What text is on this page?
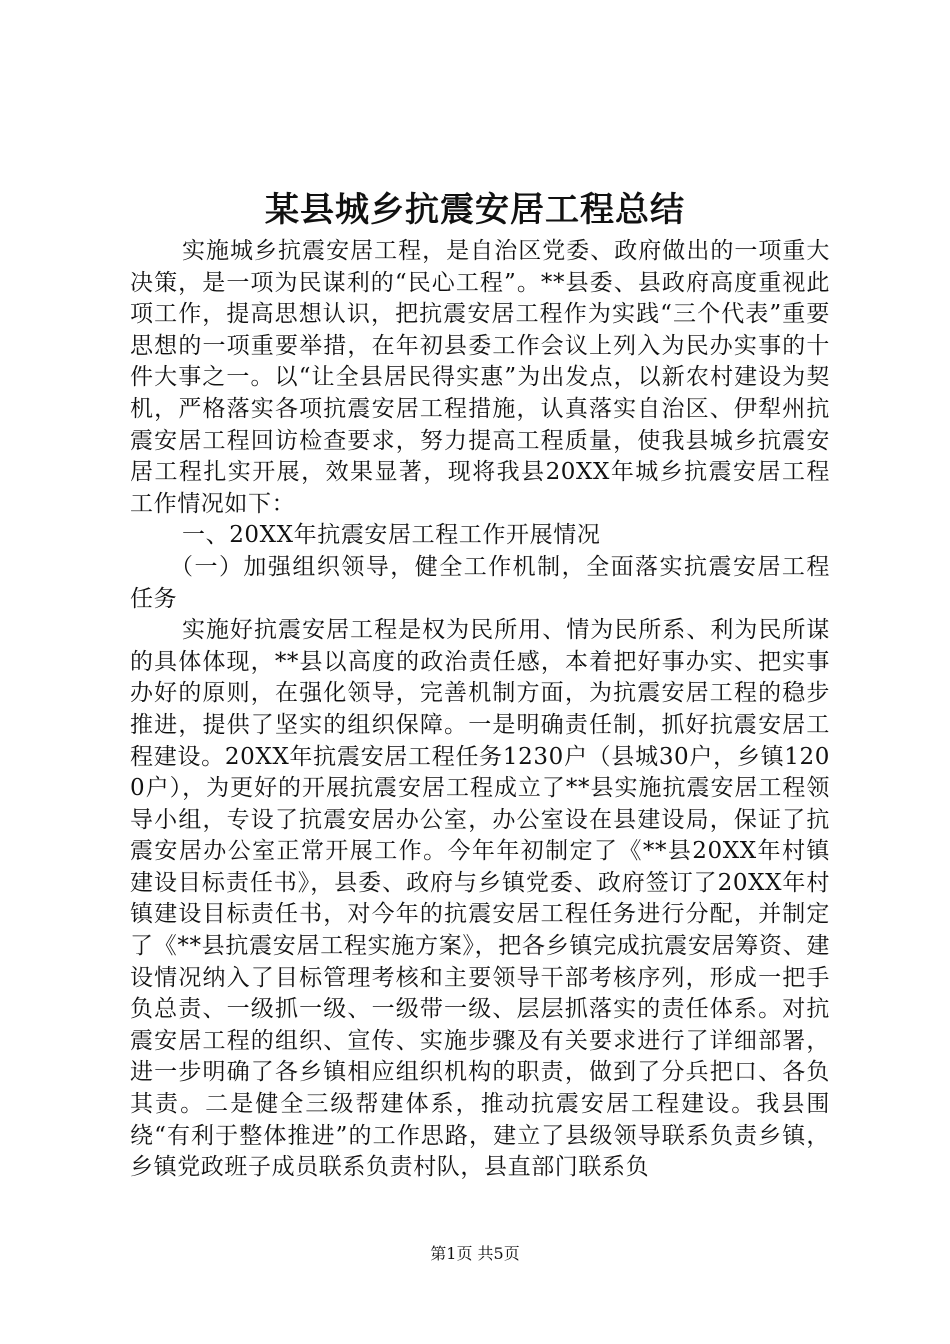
某县城乡抗震安居工程总结

实施城乡抗震安居工程，是自治区党委、政府做出的一项重大决策，是一项为民谋利的“民心工程”。**县委、县政府高度重视此项工作，提高思想认识，把抗震安居工程作为实践“三个代表”重要思想的一项重要举措，在年初县委工作会议上列入为民办实事的十件大事之一。以“让全县居民得实惠”为出发点，以新农村建设为契机，严格落实各项抗震安居工程措施，认真落实自治区、伊犁州抗震安居工程回访检查要求，努力提高工程质量，使我县城乡抗震安居工程扎实开展，效果显著，现将我县20XX年城乡抗震安居工程工作情况如下：

一、20XX年抗震安居工程工作开展情况

（一）加强组织领导，健全工作机制，全面落实抗震安居工程任务

实施好抗震安居工程是权为民所用、情为民所系、利为民所谋的具体体现，**县以高度的政治责任感，本着把好事办实、把实事办好的原则，在强化领导，完善机制方面，为抗震安居工程的稳步推进，提供了坚实的组织保障。一是明确责任制，抓好抗震安居工程建设。20XX年抗震安居工程任务1230户（县城30户，乡镇1200户），为更好的开展抗震安居工程成立了**县实施抗震安居工程领导小组，专设了抗震安居办公室，办公室设在县建设局，保证了抗震安居办公室正常开展工作。今年年初制定了《**县20XX年村镇建设目标责任书》，县委、政府与乡镇党委、政府签订了20XX年村镇建设目标责任书，对今年的抗震安居工程任务进行分配，并制定了《**县抗震安居工程实施方案》，把各乡镇完成抗震安居筹资、建设情况纳入了目标管理考核和主要领导干部考核序列，形成一把手负总责、一级抓一级、一级带一级、层层抓落实的责任体系。对抗震安居工程的组织、宣传、实施步骤及有关要求进行了详细部署，进一步明确了各乡镇相应组织机构的职责，做到了分兵把口、各负其责。二是健全三级帮建体系，推动抗震安居工程建设。我县围绕“有利于整体推进”的工作思路，建立了县级领导联系负责乡镇，乡镇党政班子成员联系负责村队，县直部门联系负

第1页 共5页
